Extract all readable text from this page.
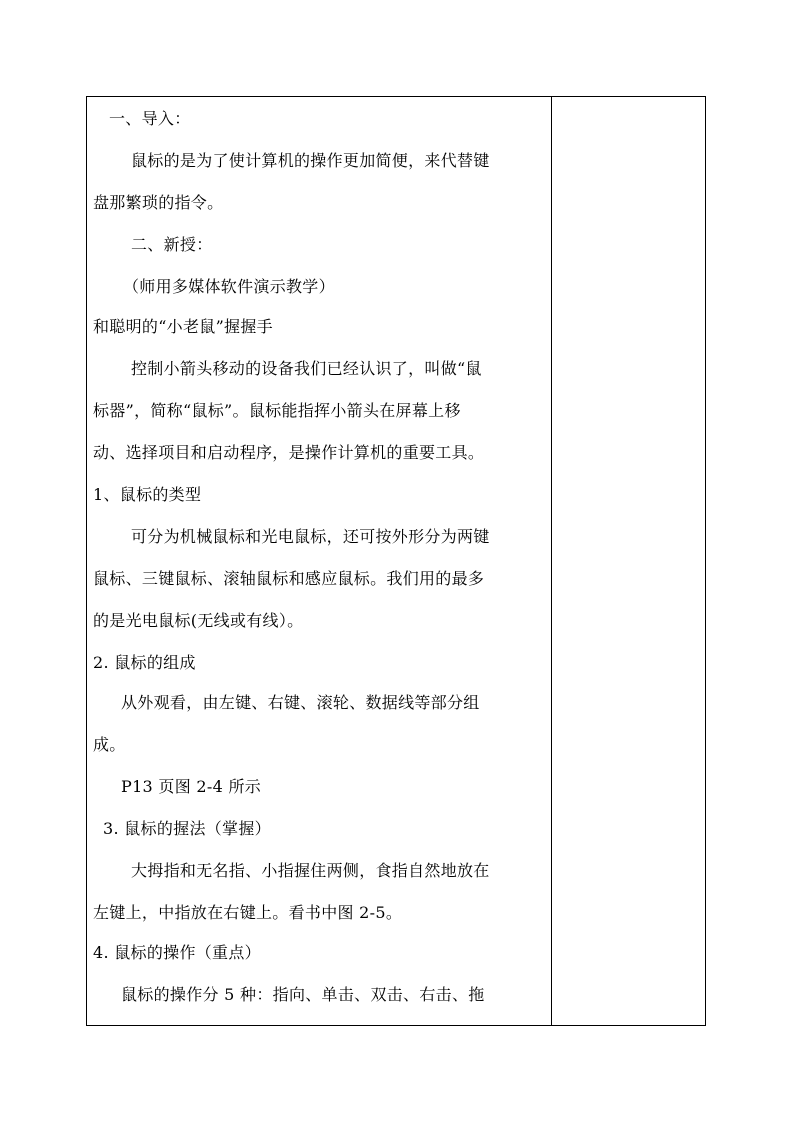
一、导入：
鼠标的是为了使计算机的操作更加简便，来代替键
盘那繁琐的指令。
二、新授：
（师用多媒体软件演示教学）
和聪明的“小老鼠”握握手
控制小箭头移动的设备我们已经认识了，叫做“鼠
标器”，简称“鼠标”。鼠标能指挥小箭头在屏幕上移
动、选择项目和启动程序，是操作计算机的重要工具。
1、鼠标的类型
可分为机械鼠标和光电鼠标，还可按外形分为两键
鼠标、三键鼠标、滚轴鼠标和感应鼠标。我们用的最多
的是光电鼠标(无线或有线）。
2. 鼠标的组成
从外观看，由左键、右键、滚轮、数据线等部分组
成。
P13 页图 2-4 所示
3. 鼠标的握法（掌握）
大拇指和无名指、小指握住两侧，食指自然地放在
左键上，中指放在右键上。看书中图 2-5。
4. 鼠标的操作（重点）
鼠标的操作分 5 种：指向、单击、双击、右击、拖
